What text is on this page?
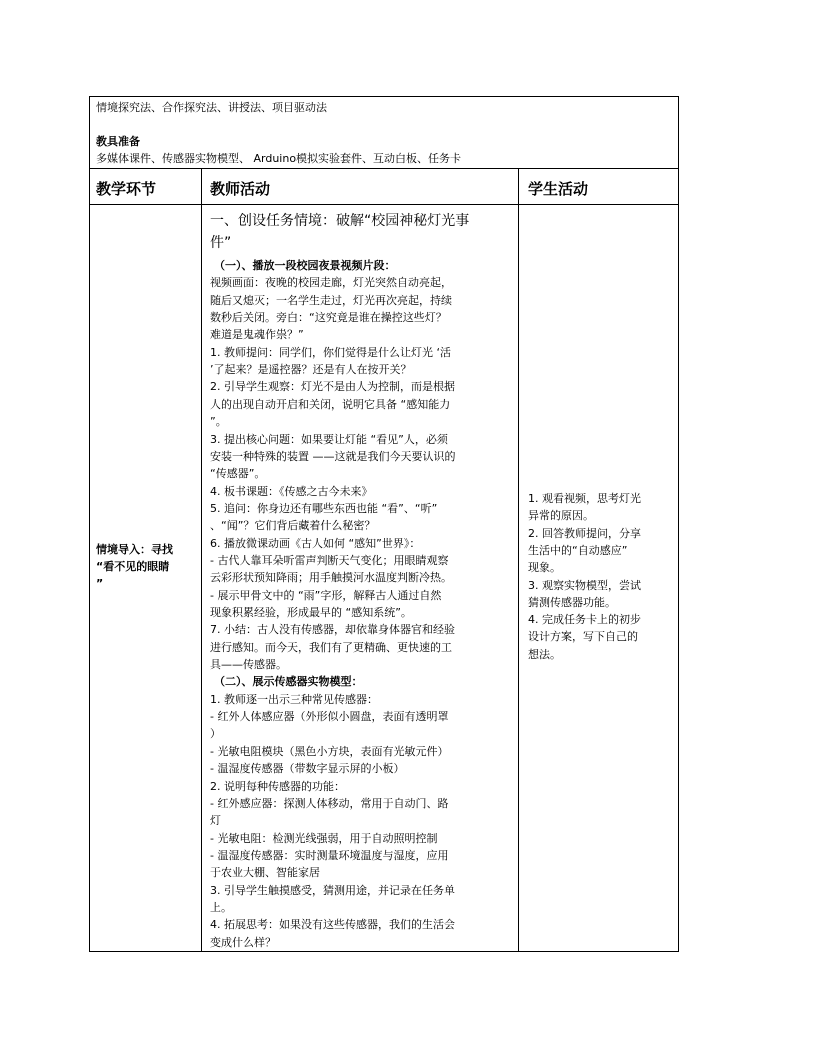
情境探究法、合作探究法、讲授法、项目驱动法
教具准备
多媒体课件、传感器实物模型、 Arduino模拟实验套件、互动白板、任务卡
教学环节	教师活动	学生活动
情境导入：寻找
“看不见的眼睛
”
一、创设任务情境：破解“校园神秘灯光事
件”
（一）、播放一段校园夜景视频片段：
视频画面：夜晚的校园走廊，灯光突然自动亮起，
随后又熄灭；一名学生走过，灯光再次亮起，持续
数秒后关闭。旁白：“这究竟是谁在操控这些灯？
难道是鬼魂作祟？”
1. 教师提问：同学们，你们觉得是什么让灯光 ‘活
’了起来？是遥控器？还是有人在按开关？
2. 引导学生观察：灯光不是由人为控制，而是根据
人的出现自动开启和关闭，说明它具备 “感知能力
”。
3. 提出核心问题：如果要让灯能 “看见”人，必须
安装一种特殊的装置 ——这就是我们今天要认识的
“传感器”。
4. 板书课题：《传感之古今未来》
5. 追问：你身边还有哪些东西也能 “看”、“听”
、“闻”？它们背后藏着什么秘密？
6. 播放微课动画《古人如何 “感知”世界》：
- 古代人靠耳朵听雷声判断天气变化；用眼睛观察
云彩形状预知降雨；用手触摸河水温度判断冷热。
- 展示甲骨文中的 “雨”字形，解释古人通过自然
现象积累经验，形成最早的 “感知系统”。
7. 小结：古人没有传感器，却依靠身体器官和经验
进行感知。而今天，我们有了更精确、更快速的工
具——传感器。
（二）、展示传感器实物模型：
1. 教师逐一出示三种常见传感器：
- 红外人体感应器（外形似小圆盘，表面有透明罩
）
- 光敏电阻模块（黑色小方块，表面有光敏元件）
- 温湿度传感器（带数字显示屏的小板）
2. 说明每种传感器的功能：
- 红外感应器：探测人体移动，常用于自动门、路
灯
- 光敏电阻：检测光线强弱，用于自动照明控制
- 温湿度传感器：实时测量环境温度与湿度，应用
于农业大棚、智能家居
3. 引导学生触摸感受，猜测用途，并记录在任务单
上。
4. 拓展思考：如果没有这些传感器，我们的生活会
变成什么样？
1. 观看视频，思考灯光
异常的原因。
2. 回答教师提问，分享
生活中的“自动感应”
现象。
3. 观察实物模型，尝试
猜测传感器功能。
4. 完成任务卡上的初步
设计方案，写下自己的
想法。
